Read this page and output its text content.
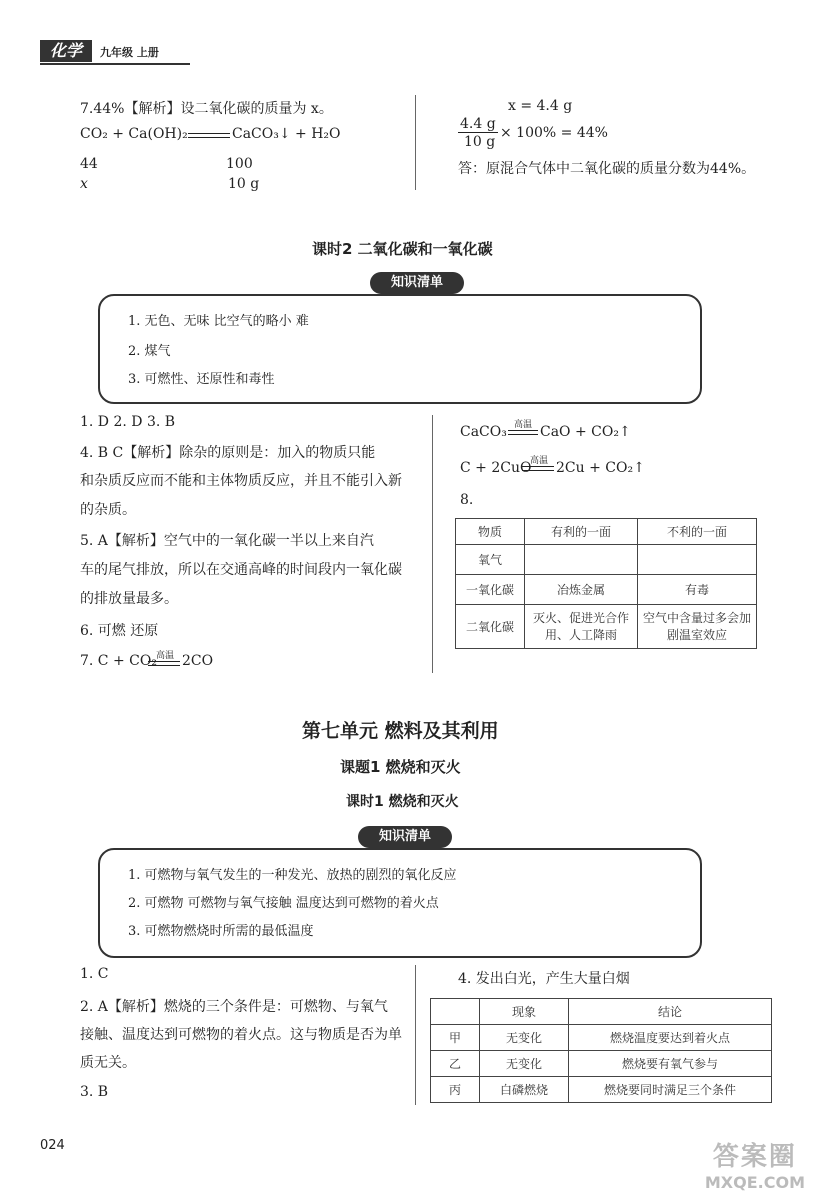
化学	九年级 上册
7.44%【解析】设二氧化碳的质量为 x。
CO₂ + Ca(OH)₂	CaCO₃↓ + H₂O
44	100
x	10 g
x = 4.4 g
4.4 g
10 g
× 100% = 44%
答：原混合气体中二氧化碳的质量分数为44%。
课时2 二氧化碳和一氧化碳
知识清单
1. 无色、无味 比空气的略小 难
2. 煤气
3. 可燃性、还原性和毒性
1. D 2. D 3. B
4. B C【解析】除杂的原则是：加入的物质只能
和杂质反应而不能和主体物质反应，并且不能引入新
的杂质。
5. A【解析】空气中的一氧化碳一半以上来自汽
车的尾气排放，所以在交通高峰的时间段内一氧化碳
的排放量最多。
6. 可燃 还原
7. C + CO₂ 高温 2CO
CaCO₃ 高温 CaO + CO₂↑
C + 2CuO
高温 2Cu + CO₂↑
8.
物质	有利的一面	不利的一面
氧气		
一氧化碳	冶炼金属	有毒
二氧化碳	灭火、促进光合作用、人工降雨	空气中含量过多会加剧温室效应
第七单元 燃料及其利用
课题1 燃烧和灭火
课时1 燃烧和灭火
知识清单
1. 可燃物与氧气发生的一种发光、放热的剧烈的氧化反应
2. 可燃物 可燃物与氧气接触 温度达到可燃物的着火点
3. 可燃物燃烧时所需的最低温度
1. C
2. A【解析】燃烧的三个条件是：可燃物、与氧气
接触、温度达到可燃物的着火点。这与物质是否为单
质无关。
3. B
4. 发出白光，产生大量白烟
	现象	结论
甲	无变化	燃烧温度要达到着火点
乙	无变化	燃烧要有氧气参与
丙	白磷燃烧	燃烧要同时满足三个条件
024	答案圈
MXQE.COM
